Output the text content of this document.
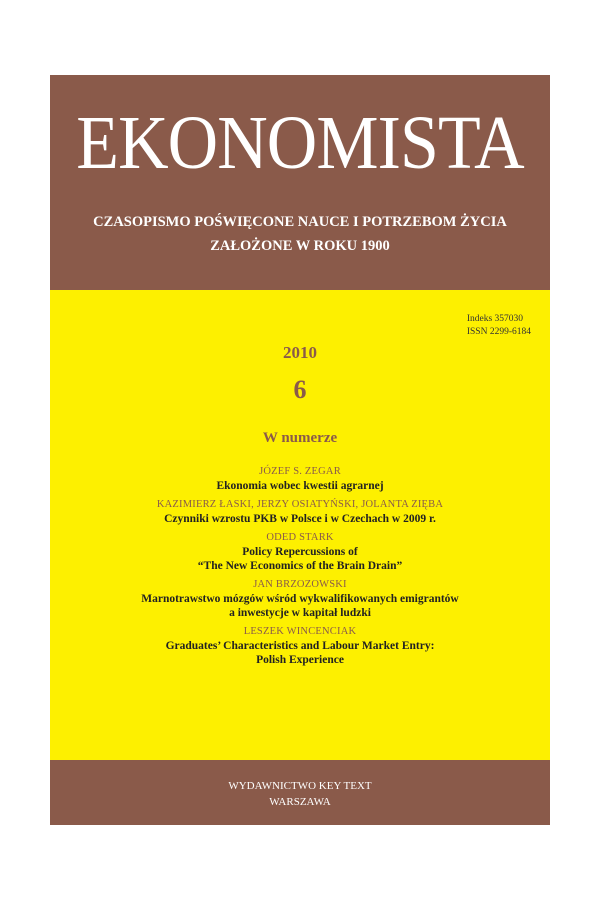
EKONOMISTA
CZASOPISMO POŚWIĘCONE NAUCE I POTRZEBOM ŻYCIA
ZAŁOŻONE W ROKU 1900
Indeks 357030
ISSN 2299-6184
2010
6
W numerze
JÓZEF S. ZEGAR
Ekonomia wobec kwestii agrarnej
KAZIMIERZ ŁASKI, JERZY OSIATYŃSKI, JOLANTA ZIĘBA
Czynniki wzrostu PKB w Polsce i w Czechach w 2009 r.
ODED STARK
Policy Repercussions of
“The New Economics of the Brain Drain”
JAN BRZOZOWSKI
Marnotrawstwo mózgów wśród wykwalifikowanych emigrantów
a inwestycje w kapitał ludzki
LESZEK WINCENCIAK
Graduates’ Characteristics and Labour Market Entry:
Polish Experience
WYDAWNICTWO KEY TEXT
WARSZAWA
